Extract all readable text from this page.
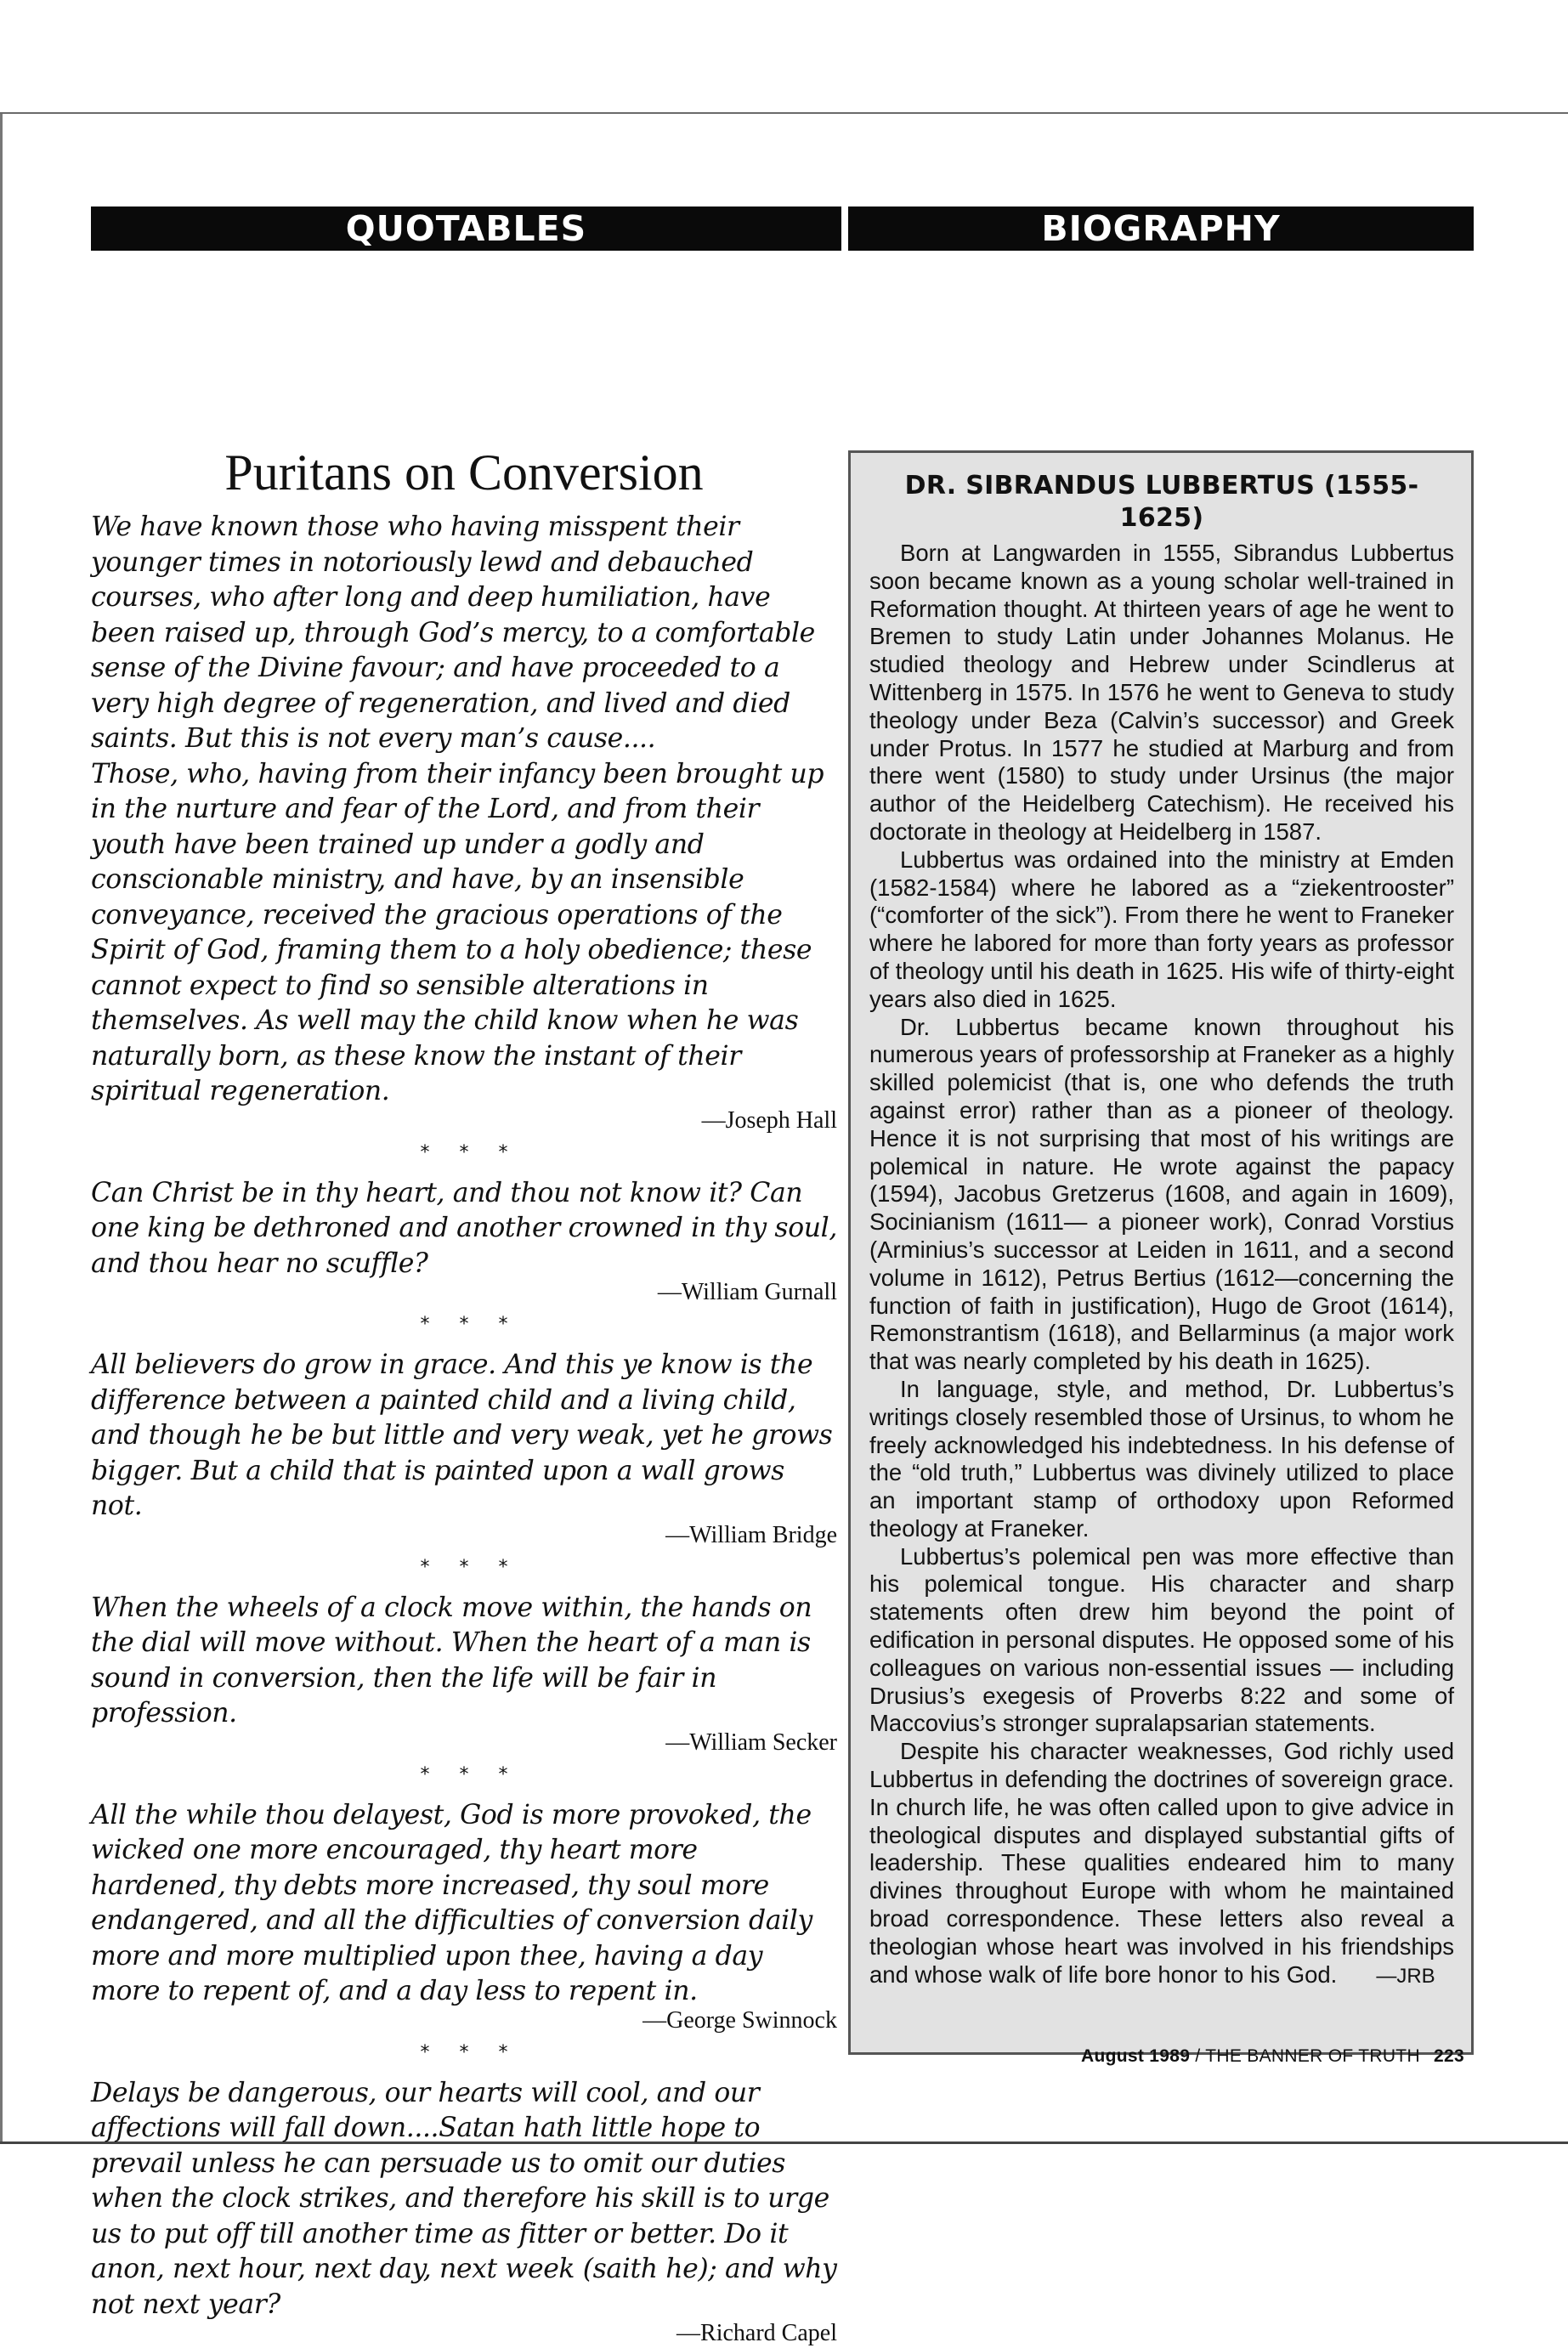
QUOTABLES	BIOGRAPHY
Puritans on Conversion

We have known those who having misspent their younger times in notoriously lewd and debauched courses, who after long and deep humiliation, have been raised up, through God’s mercy, to a comfortable sense of the Divine favour; and have proceeded to a very high degree of regeneration, and lived and died saints. But this is not every man’s cause....

Those, who, having from their infancy been brought up in the nurture and fear of the Lord, and from their youth have been trained up under a godly and conscionable ministry, and have, by an insensible conveyance, received the gracious operations of the Spirit of God, framing them to a holy obedience; these cannot expect to find so sensible alterations in themselves. As well may the child know when he was naturally born, as these know the instant of their spiritual regeneration.

—Joseph Hall

* * *

Can Christ be in thy heart, and thou not know it? Can one king be dethroned and another crowned in thy soul, and thou hear no scuffle?

—William Gurnall

* * *

All believers do grow in grace. And this ye know is the difference between a painted child and a living child, and though he be but little and very weak, yet he grows bigger. But a child that is painted upon a wall grows not.

—William Bridge

* * *

When the wheels of a clock move within, the hands on the dial will move without. When the heart of a man is sound in conversion, then the life will be fair in profession.

—William Secker

* * *

All the while thou delayest, God is more provoked, the wicked one more encouraged, thy heart more hardened, thy debts more increased, thy soul more endangered, and all the difficulties of conversion daily more and more multiplied upon thee, having a day more to repent of, and a day less to repent in.

—George Swinnock

* * *

Delays be dangerous, our hearts will cool, and our affections will fall down....Satan hath little hope to prevail unless he can persuade us to omit our duties when the clock strikes, and therefore his skill is to urge us to put off till another time as fitter or better. Do it anon, next hour, next day, next week (saith he); and why not next year?

—Richard Capel

DR. SIBRANDUS LUBBERTUS (1555-1625)

Born at Langwarden in 1555, Sibrandus Lubbertus soon became known as a young scholar well-trained in Reformation thought. At thirteen years of age he went to Bremen to study Latin under Johannes Molanus. He studied theology and Hebrew under Scindlerus at Wittenberg in 1575. In 1576 he went to Geneva to study theology under Beza (Calvin’s successor) and Greek under Protus. In 1577 he studied at Marburg and from there went (1580) to study under Ursinus (the major author of the Heidelberg Catechism). He received his doctorate in theology at Heidelberg in 1587.

Lubbertus was ordained into the ministry at Emden (1582-1584) where he labored as a “ziekentrooster” (“comforter of the sick”). From there he went to Franeker where he labored for more than forty years as professor of theology until his death in 1625. His wife of thirty-eight years also died in 1625.

Dr. Lubbertus became known throughout his numerous years of professorship at Franeker as a highly skilled polemicist (that is, one who defends the truth against error) rather than as a pioneer of theology. Hence it is not surprising that most of his writings are polemical in nature. He wrote against the papacy (1594), Jacobus Gretzerus (1608, and again in 1609), Socinianism (1611— a pioneer work), Conrad Vorstius (Arminius’s successor at Leiden in 1611, and a second volume in 1612), Petrus Bertius (1612—concerning the function of faith in justification), Hugo de Groot (1614), Remonstrantism (1618), and Bellarminus (a major work that was nearly completed by his death in 1625).

In language, style, and method, Dr. Lubbertus’s writings closely resembled those of Ursinus, to whom he freely acknowledged his indebtedness. In his defense of the “old truth,” Lubbertus was divinely utilized to place an important stamp of orthodoxy upon Reformed theology at Franeker.

Lubbertus’s polemical pen was more effective than his polemical tongue. His character and sharp statements often drew him beyond the point of edification in personal disputes. He opposed some of his colleagues on various non-essential issues — including Drusius’s exegesis of Proverbs 8:22 and some of Maccovius’s stronger supralapsarian statements.

Despite his character weaknesses, God richly used Lubbertus in defending the doctrines of sovereign grace. In church life, he was often called upon to give advice in theological disputes and displayed substantial gifts of leadership. These qualities endeared him to many divines throughout Europe with whom he maintained broad correspondence. These letters also reveal a theologian whose heart was involved in his friendships and whose walk of life bore honor to his God. —JRB

August 1989 / THE BANNER OF TRUTH 223
